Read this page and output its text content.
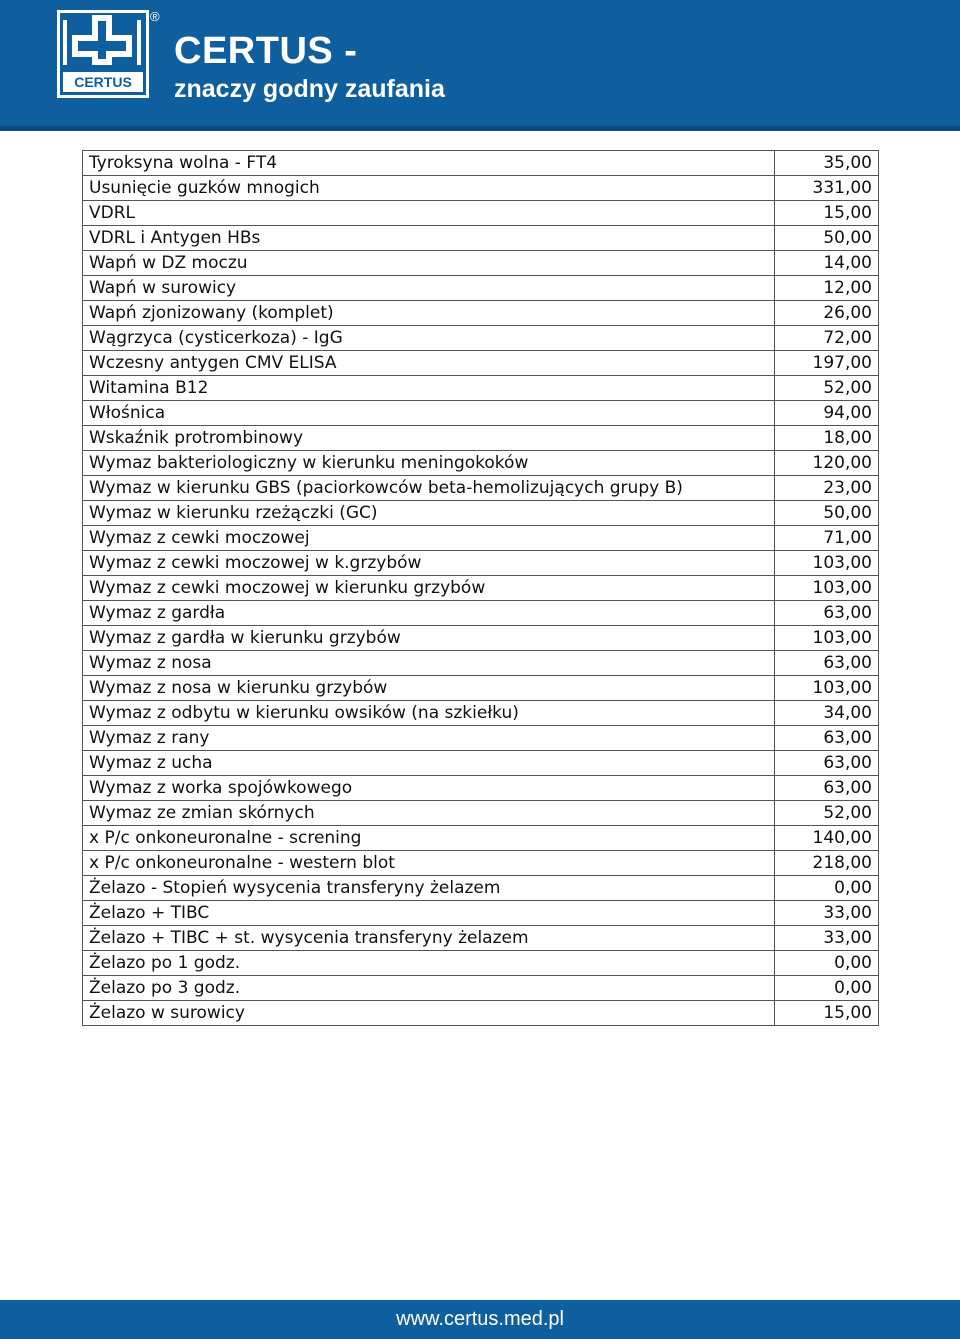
CERTUS
®
CERTUS -
znaczy godny zaufania
Tyroksyna wolna - FT4	35,00
Usunięcie guzków mnogich	331,00
VDRL	15,00
VDRL i Antygen HBs	50,00
Wapń w DZ moczu	14,00
Wapń w surowicy	12,00
Wapń zjonizowany (komplet)	26,00
Wągrzyca (cysticerkoza) - IgG	72,00
Wczesny antygen CMV ELISA	197,00
Witamina B12	52,00
Włośnica	94,00
Wskaźnik protrombinowy	18,00
Wymaz bakteriologiczny w kierunku meningokoków	120,00
Wymaz w kierunku GBS (paciorkowców beta-hemolizujących grupy B)	23,00
Wymaz w kierunku rzeżączki (GC)	50,00
Wymaz z cewki moczowej	71,00
Wymaz z cewki moczowej w k.grzybów	103,00
Wymaz z cewki moczowej w kierunku grzybów	103,00
Wymaz z gardła	63,00
Wymaz z gardła w kierunku grzybów	103,00
Wymaz z nosa	63,00
Wymaz z nosa w kierunku grzybów	103,00
Wymaz z odbytu w kierunku owsików (na szkiełku)	34,00
Wymaz z rany	63,00
Wymaz z ucha	63,00
Wymaz z worka spojówkowego	63,00
Wymaz ze zmian skórnych	52,00
x P/c onkoneuronalne - screning	140,00
x P/c onkoneuronalne - western blot	218,00
Żelazo - Stopień wysycenia transferyny żelazem	0,00
Żelazo + TIBC	33,00
Żelazo + TIBC + st. wysycenia transferyny żelazem	33,00
Żelazo po 1 godz.	0,00
Żelazo po 3 godz.	0,00
Żelazo w surowicy	15,00
www.certus.med.pl
